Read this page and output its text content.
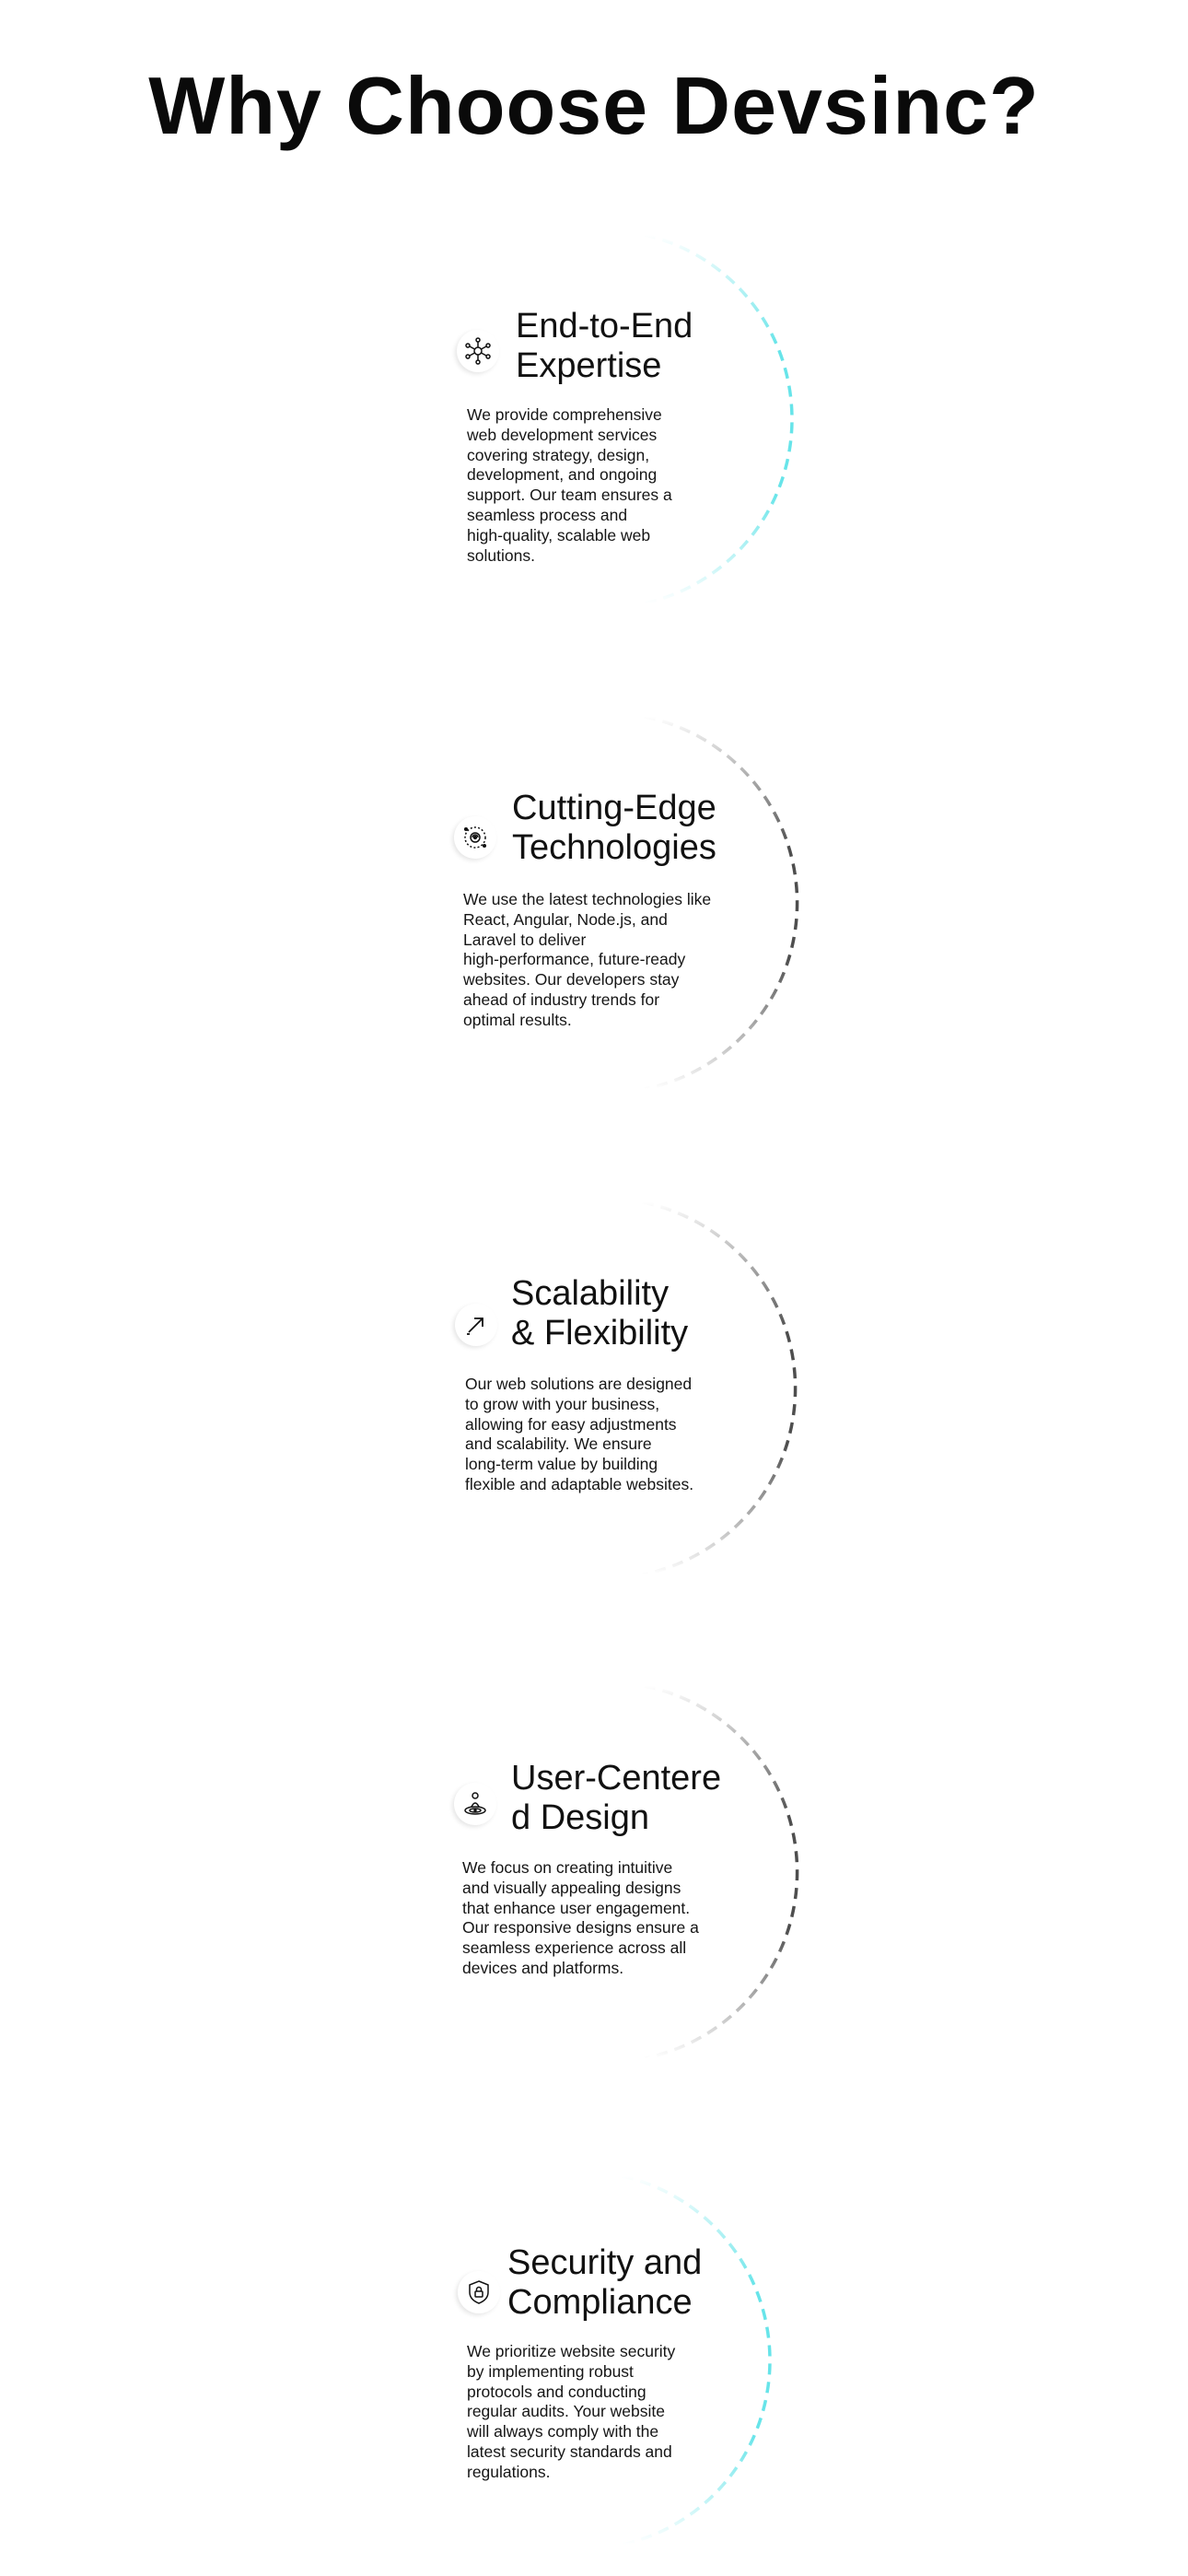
Why Choose Devsinc?
End-to-End
Expertise

We provide comprehensive
web development services
covering strategy, design,
development, and ongoing
support. Our team ensures a
seamless process and
high-quality, scalable web
solutions.

Cutting-Edge
Technologies

We use the latest technologies like
React, Angular, Node.js, and
Laravel to deliver
high-performance, future-ready
websites. Our developers stay
ahead of industry trends for
optimal results.

Scalability
& Flexibility

Our web solutions are designed
to grow with your business,
allowing for easy adjustments
and scalability. We ensure
long-term value by building
flexible and adaptable websites.

User-Centere
d Design

We focus on creating intuitive
and visually appealing designs
that enhance user engagement.
Our responsive designs ensure a
seamless experience across all
devices and platforms.

Security and
Compliance

We prioritize website security
by implementing robust
protocols and conducting
regular audits. Your website
will always comply with the
latest security standards and
regulations.
